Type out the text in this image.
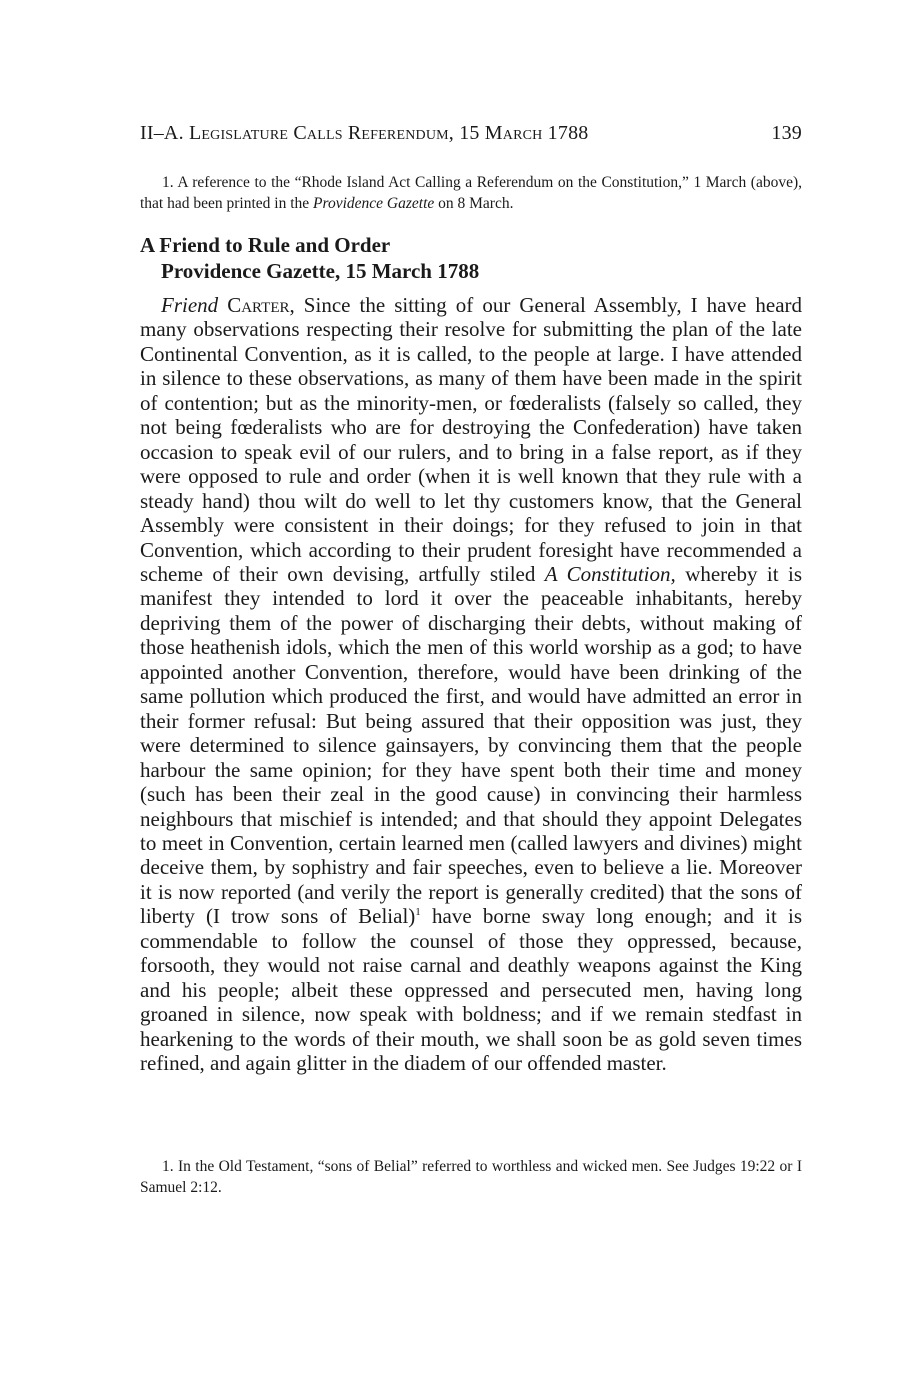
II–A. Legislature Calls Referendum, 15 March 1788	139
1. A reference to the “Rhode Island Act Calling a Referendum on the Constitution,” 1 March (above), that had been printed in the Providence Gazette on 8 March.
A Friend to Rule and Order
Providence Gazette, 15 March 1788
Friend Carter, Since the sitting of our General Assembly, I have heard many observations respecting their resolve for submitting the plan of the late Continental Convention, as it is called, to the people at large. I have attended in silence to these observations, as many of them have been made in the spirit of contention; but as the minority-men, or fœderalists (falsely so called, they not being fœderalists who are for destroying the Confederation) have taken occasion to speak evil of our rulers, and to bring in a false report, as if they were opposed to rule and order (when it is well known that they rule with a steady hand) thou wilt do well to let thy customers know, that the General Assembly were consistent in their doings; for they refused to join in that Convention, which according to their prudent foresight have recommended a scheme of their own devising, artfully stiled A Constitution, whereby it is manifest they intended to lord it over the peaceable inhabitants, hereby depriving them of the power of discharging their debts, without making of those heathenish idols, which the men of this world worship as a god; to have appointed another Convention, therefore, would have been drinking of the same pollution which produced the first, and would have admitted an error in their former refusal: But being assured that their opposition was just, they were determined to silence gainsayers, by convincing them that the people harbour the same opinion; for they have spent both their time and money (such has been their zeal in the good cause) in convincing their harmless neighbours that mischief is intended; and that should they appoint Delegates to meet in Convention, certain learned men (called lawyers and divines) might deceive them, by sophistry and fair speeches, even to believe a lie. Moreover it is now reported (and verily the report is generally credited) that the sons of liberty (I trow sons of Belial)$^1$ have borne sway long enough; and it is commendable to follow the counsel of those they oppressed, because, forsooth, they would not raise carnal and deathly weapons against the King and his people; albeit these oppressed and persecuted men, having long groaned in silence, now speak with boldness; and if we remain stedfast in hearkening to the words of their mouth, we shall soon be as gold seven times refined, and again glitter in the diadem of our offended master.
1. In the Old Testament, “sons of Belial” referred to worthless and wicked men. See Judges 19:22 or I Samuel 2:12.
